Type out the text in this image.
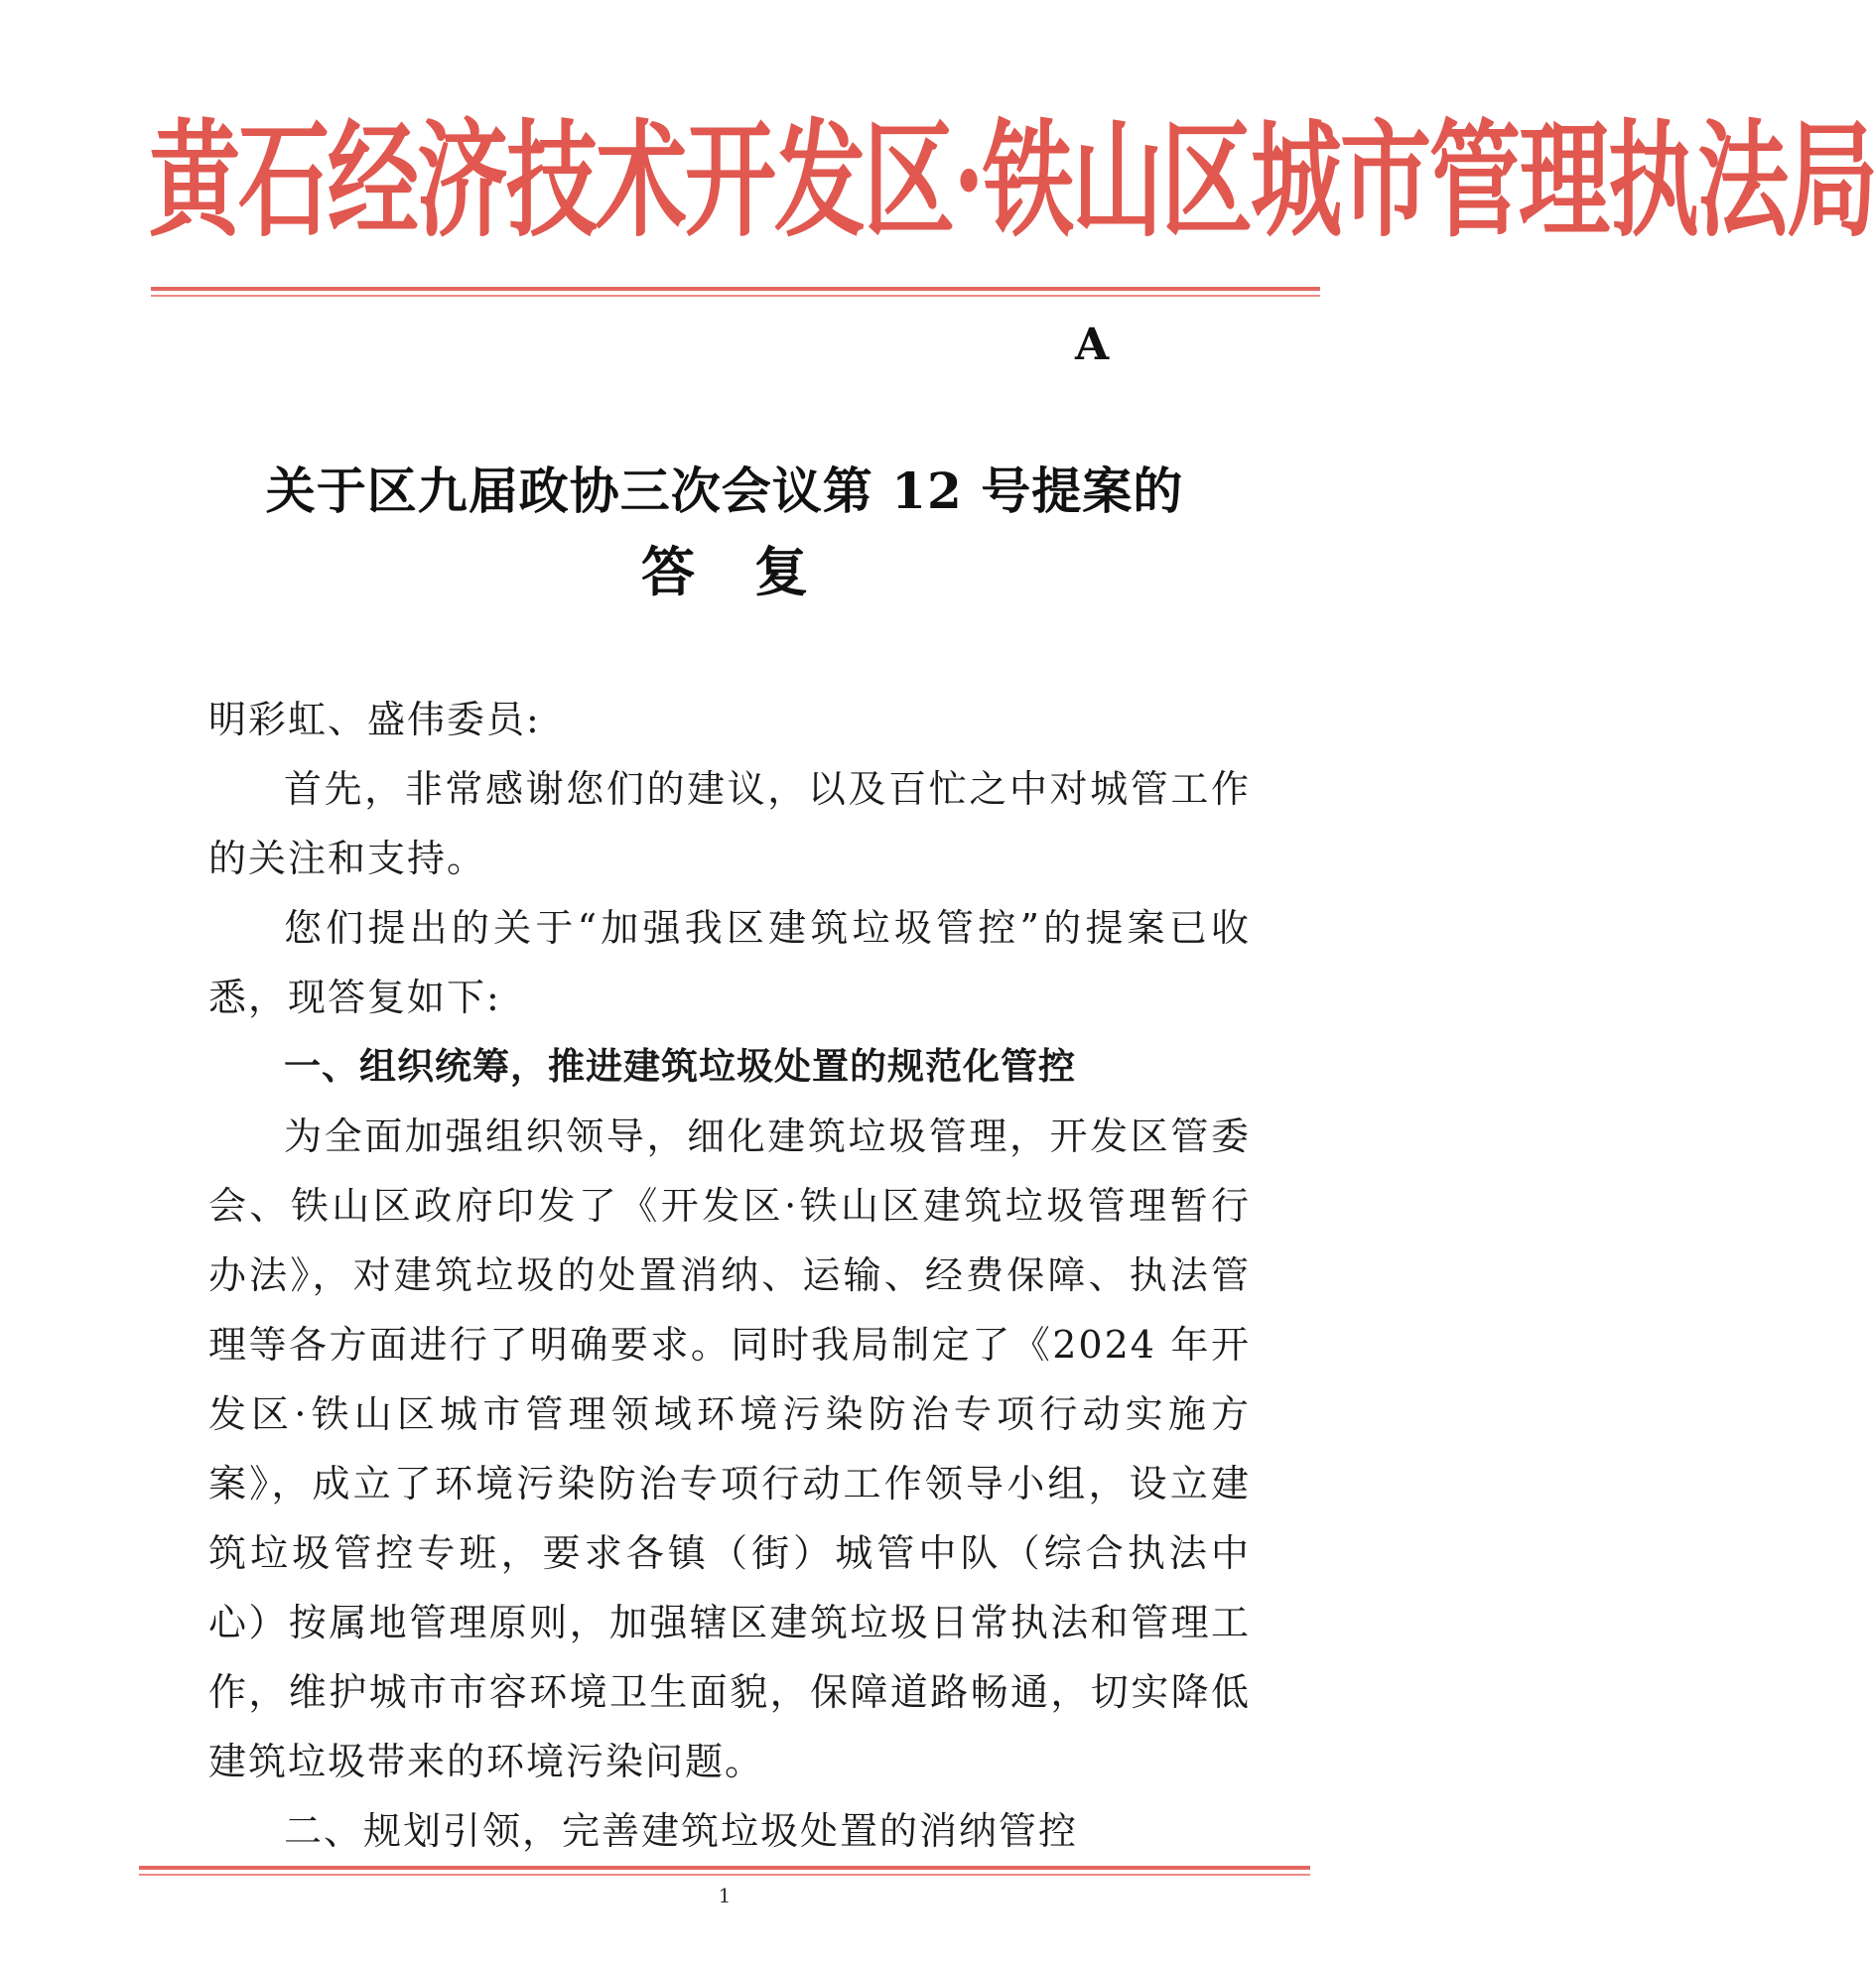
黄石经济技术开发区·铁山区城市管理执法局
A
关于区九届政协三次会议第 12 号提案的
答 复

明彩虹、盛伟委员:

首先，非常感谢您们的建议，以及百忙之中对城管工作的关注和支持。

您们提出的关于“加强我区建筑垃圾管控”的提案已收悉，现答复如下:

一、组织统筹，推进建筑垃圾处置的规范化管控

为全面加强组织领导，细化建筑垃圾管理，开发区管委会、铁山区政府印发了《开发区·铁山区建筑垃圾管理暂行办法》，对建筑垃圾的处置消纳、运输、经费保障、执法管理等各方面进行了明确要求。同时我局制定了《2024 年开发区·铁山区城市管理领域环境污染防治专项行动实施方案》，成立了环境污染防治专项行动工作领导小组，设立建筑垃圾管控专班，要求各镇（街）城管中队（综合执法中心）按属地管理原则，加强辖区建筑垃圾日常执法和管理工作，维护城市市容环境卫生面貌，保障道路畅通，切实降低建筑垃圾带来的环境污染问题。

二、规划引领，完善建筑垃圾处置的消纳管控

1
